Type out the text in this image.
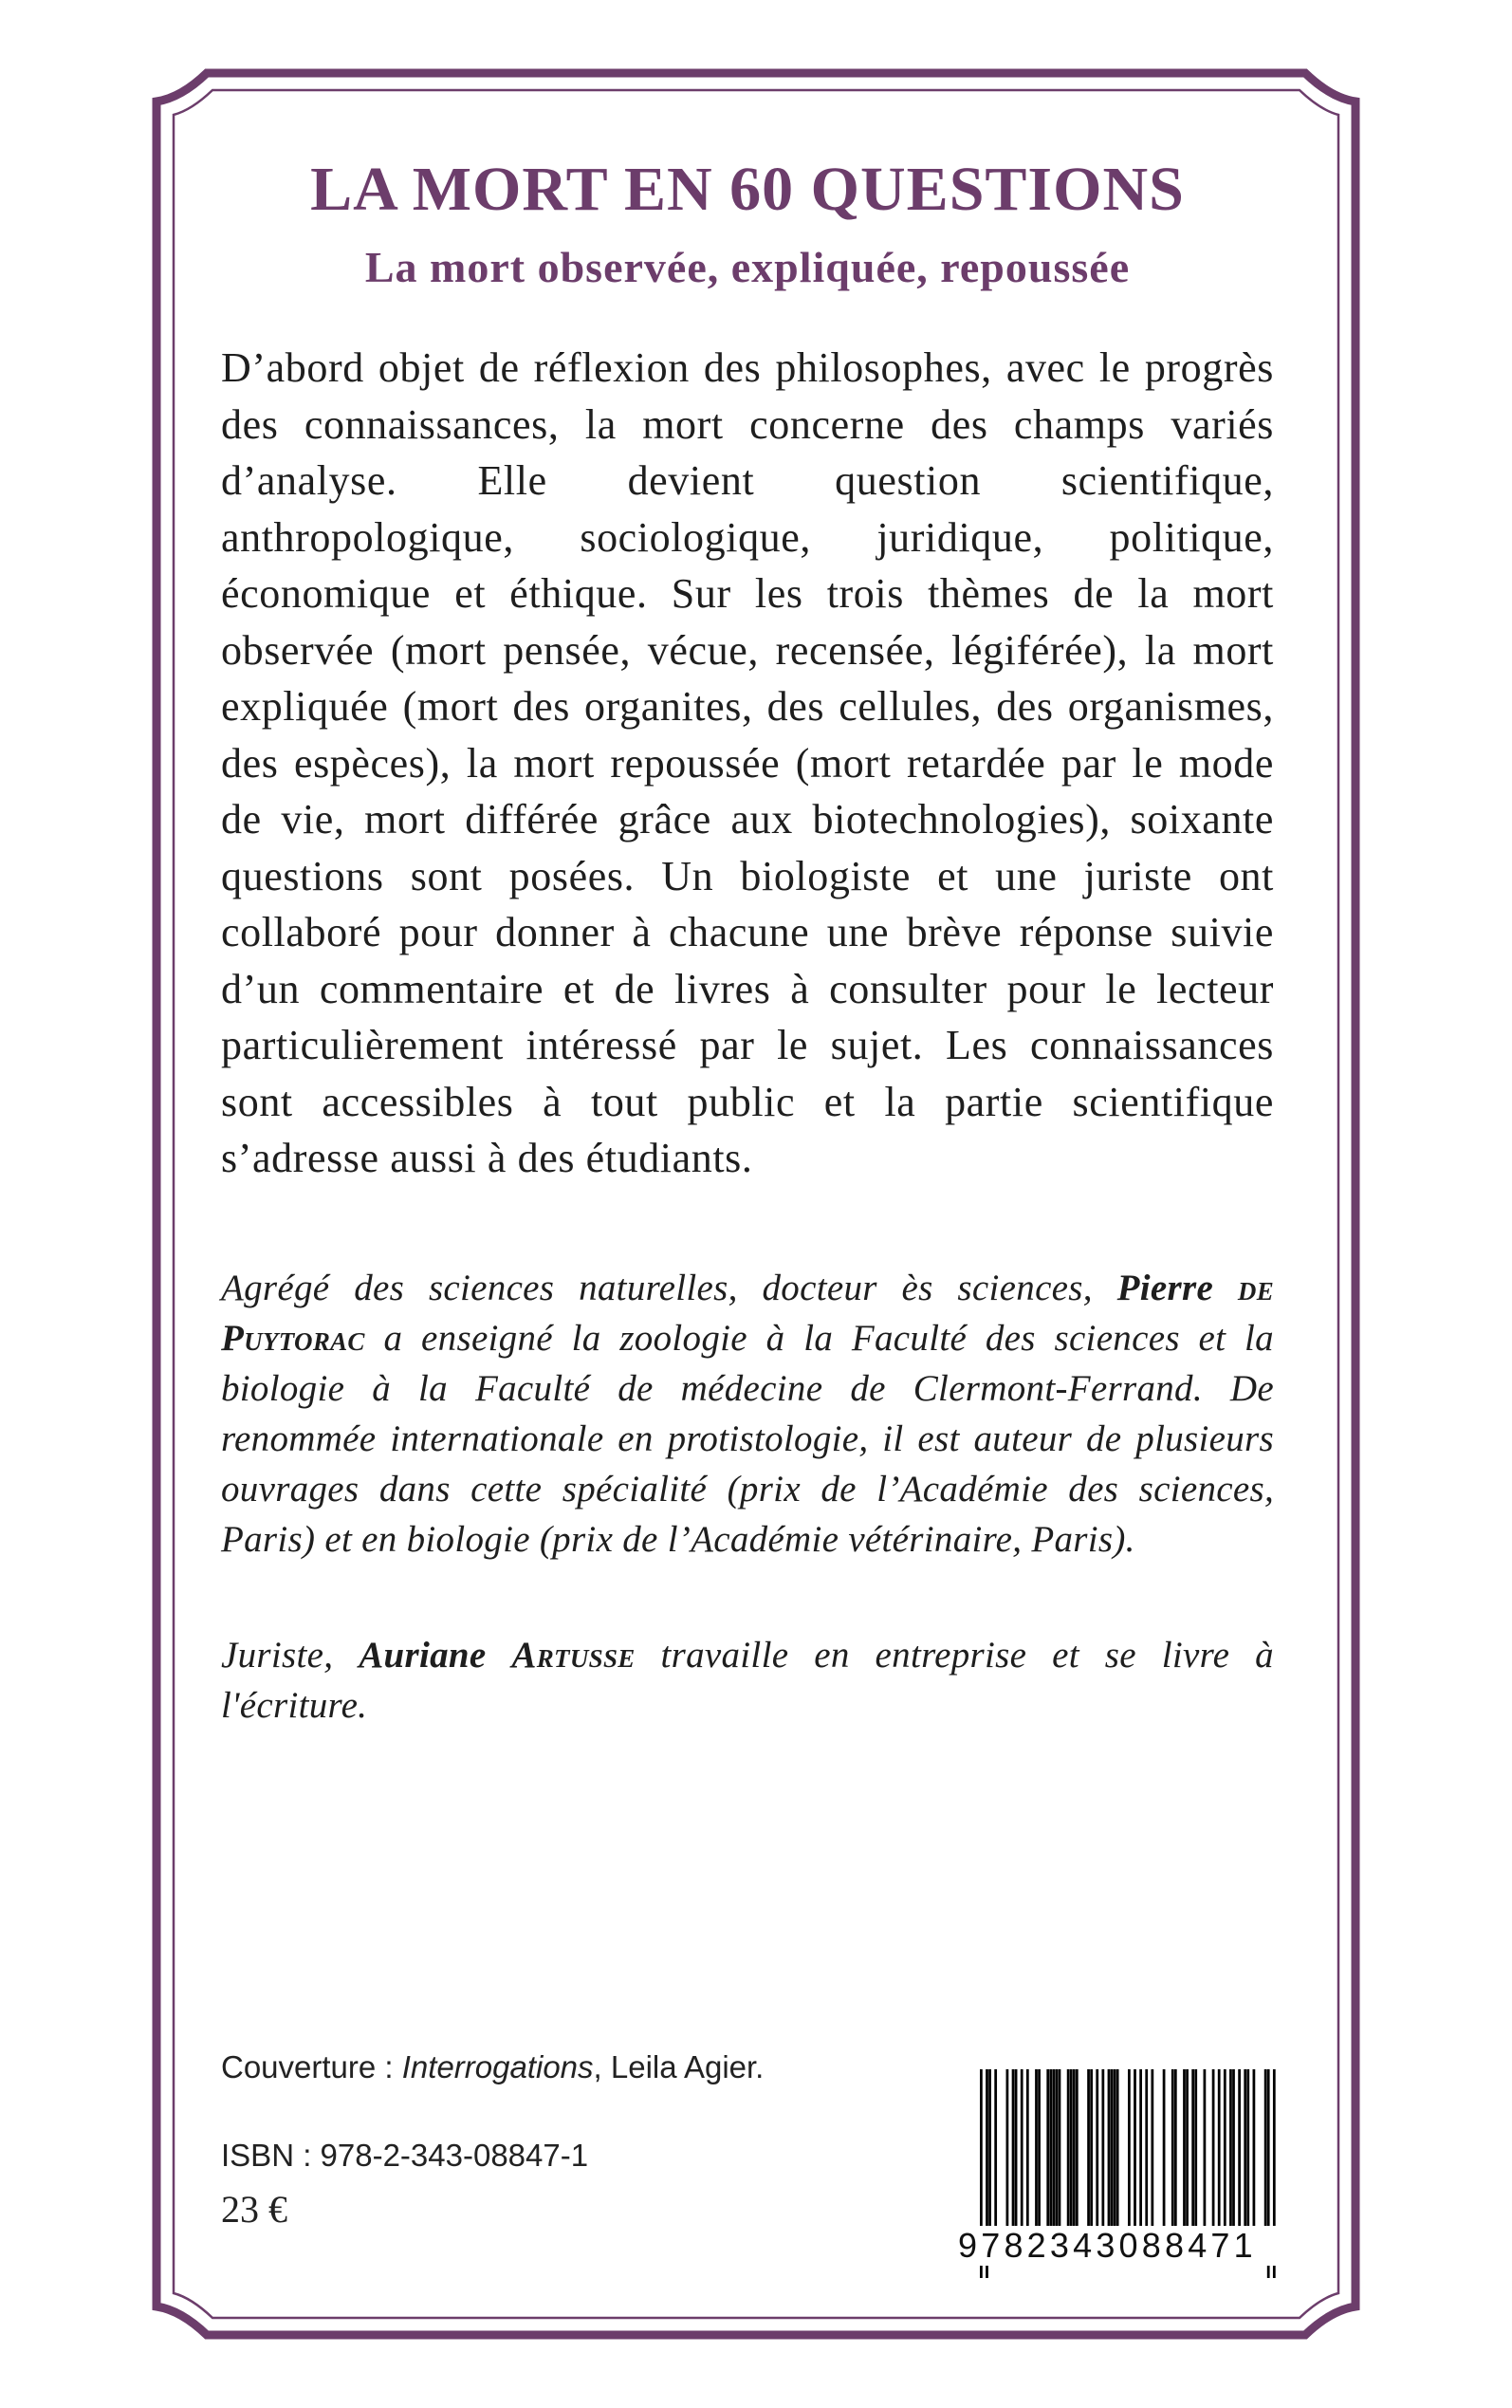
LA MORT EN 60 QUESTIONS
La mort observée, expliquée, repoussée

D’abord objet de réflexion des philosophes, avec le progrès des connaissances, la mort concerne des champs variés d’analyse. Elle devient question scientifique, anthropologique, sociologique, juridique, politique, économique et éthique. Sur les trois thèmes de la mort observée (mort pensée, vécue, recensée, légiférée), la mort expliquée (mort des organites, des cellules, des organismes, des espèces), la mort repoussée (mort retardée par le mode de vie, mort différée grâce aux biotechnologies), soixante questions sont posées. Un biologiste et une juriste ont collaboré pour donner à chacune une brève réponse suivie d’un commentaire et de livres à consulter pour le lecteur particulièrement intéressé par le sujet. Les connaissances sont accessibles à tout public et la partie scientifique s’adresse aussi à des étudiants.

Agrégé des sciences naturelles, docteur ès sciences, Pierre de Puytorac a enseigné la zoologie à la Faculté des sciences et la biologie à la Faculté de médecine de Clermont-Ferrand. De renommée internationale en protistologie, il est auteur de plusieurs ouvrages dans cette spécialité (prix de l’Académie des sciences, Paris) et en biologie (prix de l’Académie vétérinaire, Paris).

Juriste, Auriane Artusse travaille en entreprise et se livre à l'écriture.

Couverture : Interrogations, Leila Agier.
ISBN : 978-2-343-08847-1
23 €
9782343088471
